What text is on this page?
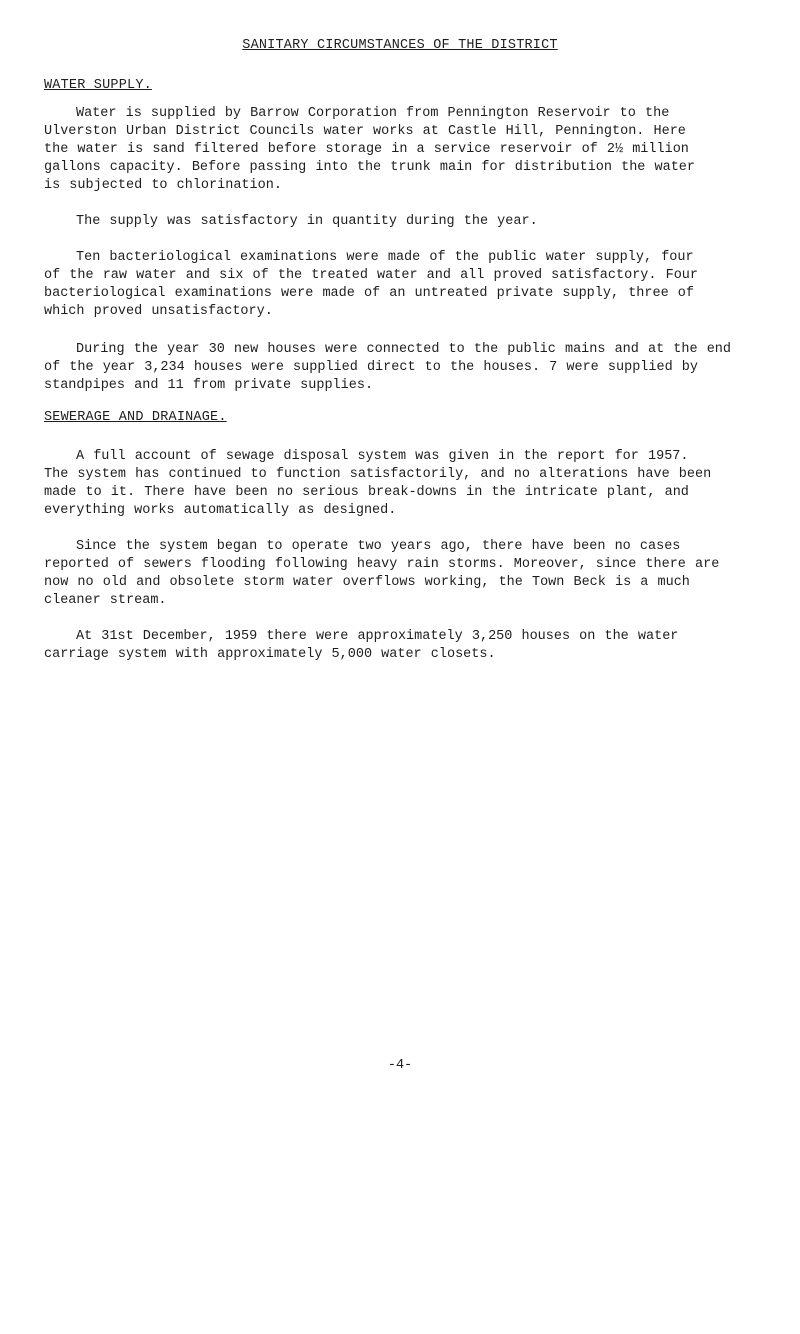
SANITARY CIRCUMSTANCES OF THE DISTRICT
WATER SUPPLY.
Water is supplied by Barrow Corporation from Pennington Reservoir to the
Ulverston Urban District Councils water works at Castle Hill, Pennington. Here
the water is sand filtered before storage in a service reservoir of 2½ million
gallons capacity. Before passing into the trunk main for distribution the water
is subjected to chlorination.
The supply was satisfactory in quantity during the year.
Ten bacteriological examinations were made of the public water supply, four
of the raw water and six of the treated water and all proved satisfactory. Four
bacteriological examinations were made of an untreated private supply, three of
which proved unsatisfactory.
During the year 30 new houses were connected to the public mains and at the end
of the year 3,234 houses were supplied direct to the houses. 7 were supplied by
standpipes and 11 from private supplies.
SEWERAGE AND DRAINAGE.
A full account of sewage disposal system was given in the report for 1957.
The system has continued to function satisfactorily, and no alterations have been
made to it. There have been no serious break-downs in the intricate plant, and
everything works automatically as designed.
Since the system began to operate two years ago, there have been no cases
reported of sewers flooding following heavy rain storms. Moreover, since there are
now no old and obsolete storm water overflows working, the Town Beck is a much
cleaner stream.
At 31st December, 1959 there were approximately 3,250 houses on the water
carriage system with approximately 5,000 water closets.
-4-
